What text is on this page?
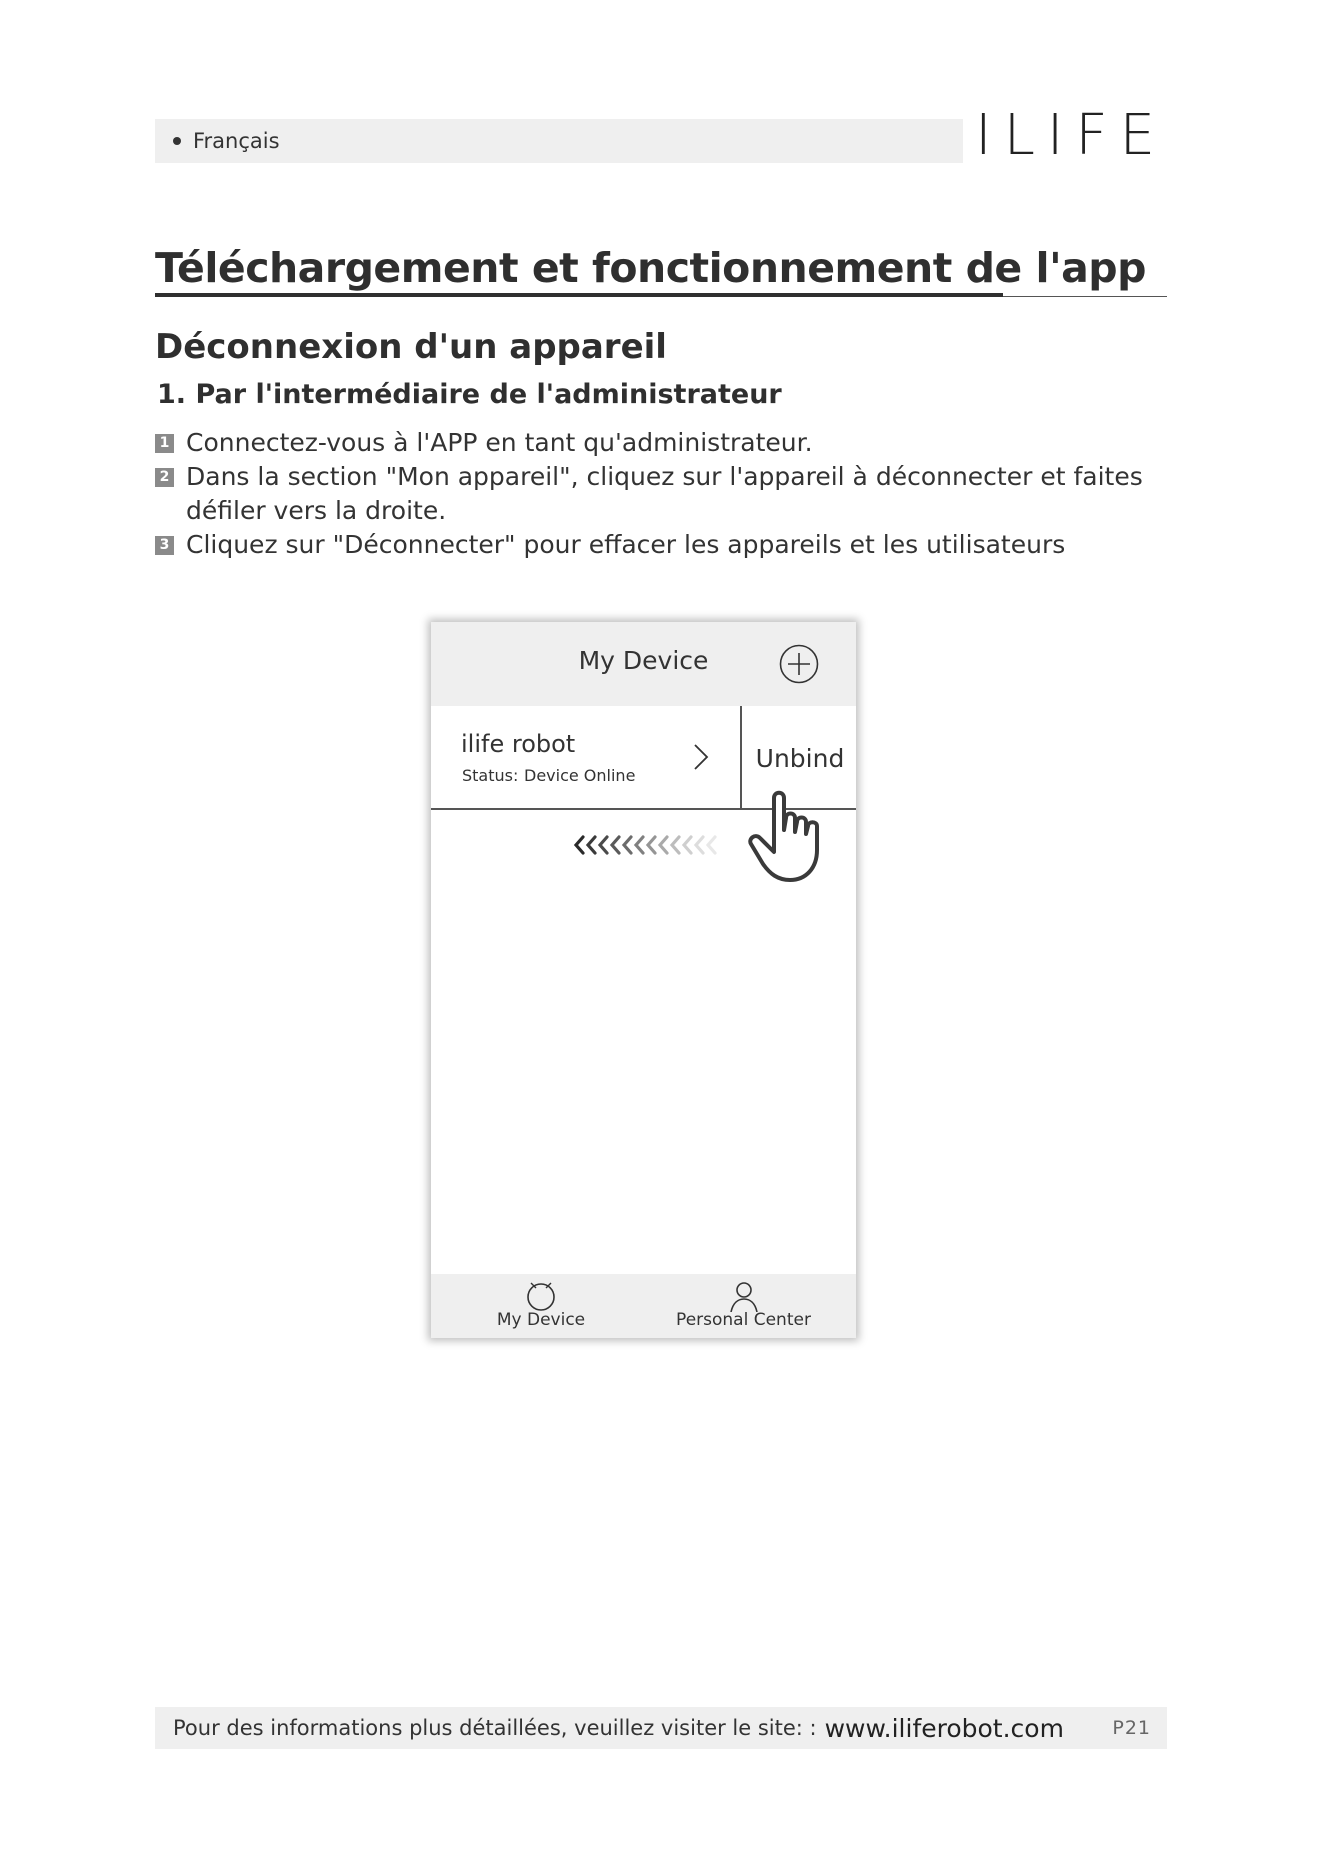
Français	ILIFE
Téléchargement et fonctionnement de l'app
Déconnexion d'un appareil
1. Par l'intermédiaire de l'administrateur
1 Connectez-vous à l'APP en tant qu'administrateur.
2 Dans la section "Mon appareil", cliquez sur l'appareil à déconnecter et faites défiler vers la droite.
3 Cliquez sur "Déconnecter" pour effacer les appareils et les utilisateurs
My Device
ilife robot
Status: Device Online
Unbind
My Device	Personal Center
Pour des informations plus détaillées, veuillez visiter le site: : www.iliferobot.com	P21
